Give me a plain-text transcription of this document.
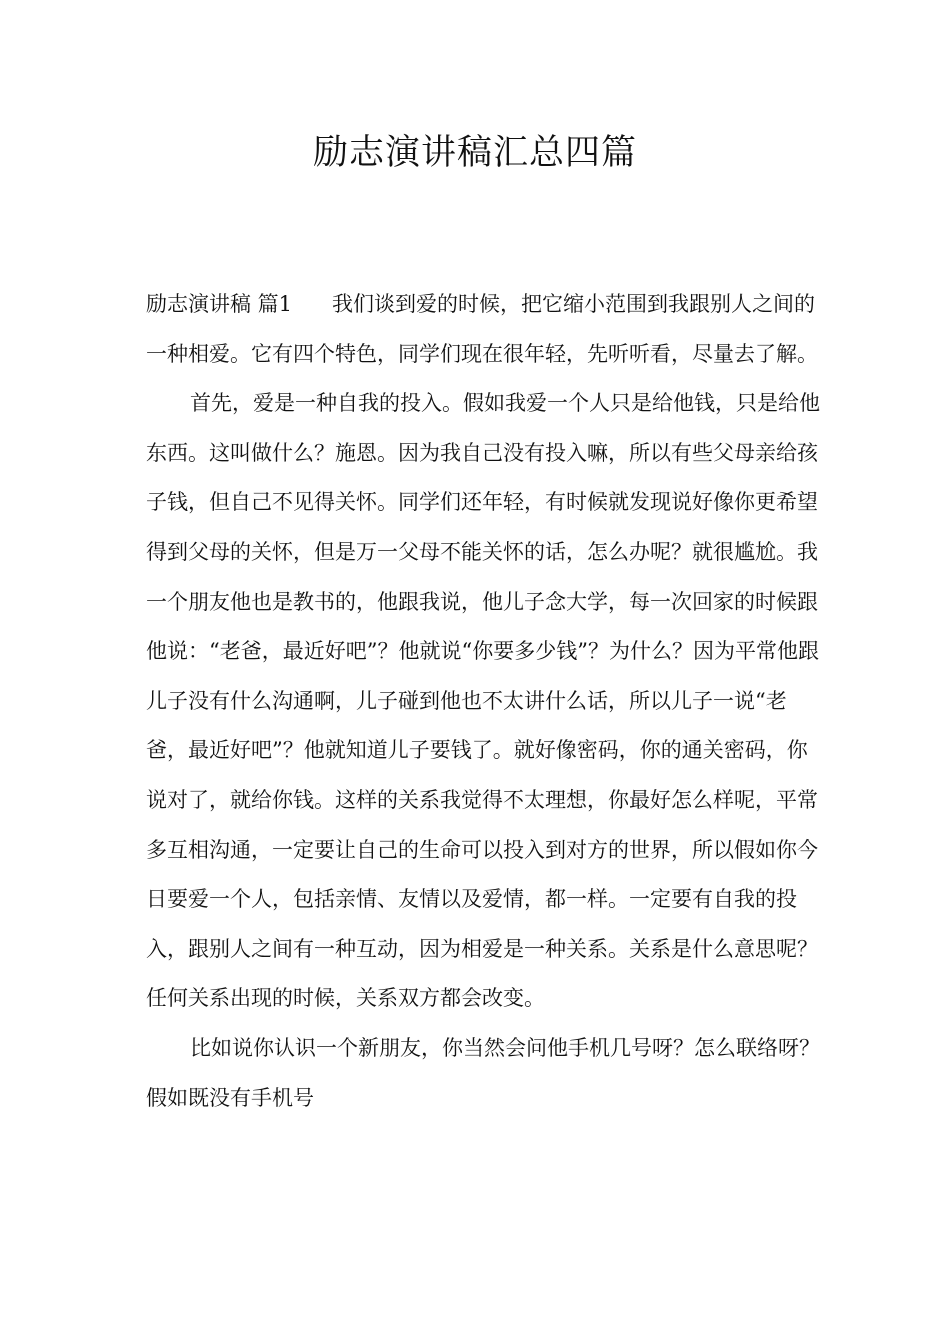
励志演讲稿汇总四篇

励志演讲稿 篇1 我们谈到爱的时候，把它缩小范围到我跟别人之间的一种相爱。它有四个特色，同学们现在很年轻，先听听看，尽量去了解。

首先，爱是一种自我的投入。假如我爱一个人只是给他钱，只是给他东西。这叫做什么？施恩。因为我自己没有投入嘛，所以有些父母亲给孩子钱，但自己不见得关怀。同学们还年轻，有时候就发现说好像你更希望得到父母的关怀，但是万一父母不能关怀的话，怎么办呢？就很尴尬。我一个朋友他也是教书的，他跟我说，他儿子念大学，每一次回家的时候跟他说：“老爸，最近好吧”？他就说“你要多少钱”？为什么？因为平常他跟儿子没有什么沟通啊，儿子碰到他也不太讲什么话，所以儿子一说“老爸，最近好吧”？他就知道儿子要钱了。就好像密码，你的通关密码，你说对了，就给你钱。这样的关系我觉得不太理想，你最好怎么样呢，平常多互相沟通，一定要让自己的生命可以投入到对方的世界，所以假如你今日要爱一个人，包括亲情、友情以及爱情，都一样。一定要有自我的投入，跟别人之间有一种互动，因为相爱是一种关系。关系是什么意思呢？任何关系出现的时候，关系双方都会改变。

比如说你认识一个新朋友，你当然会问他手机几号呀？怎么联络呀？假如既没有手机号
